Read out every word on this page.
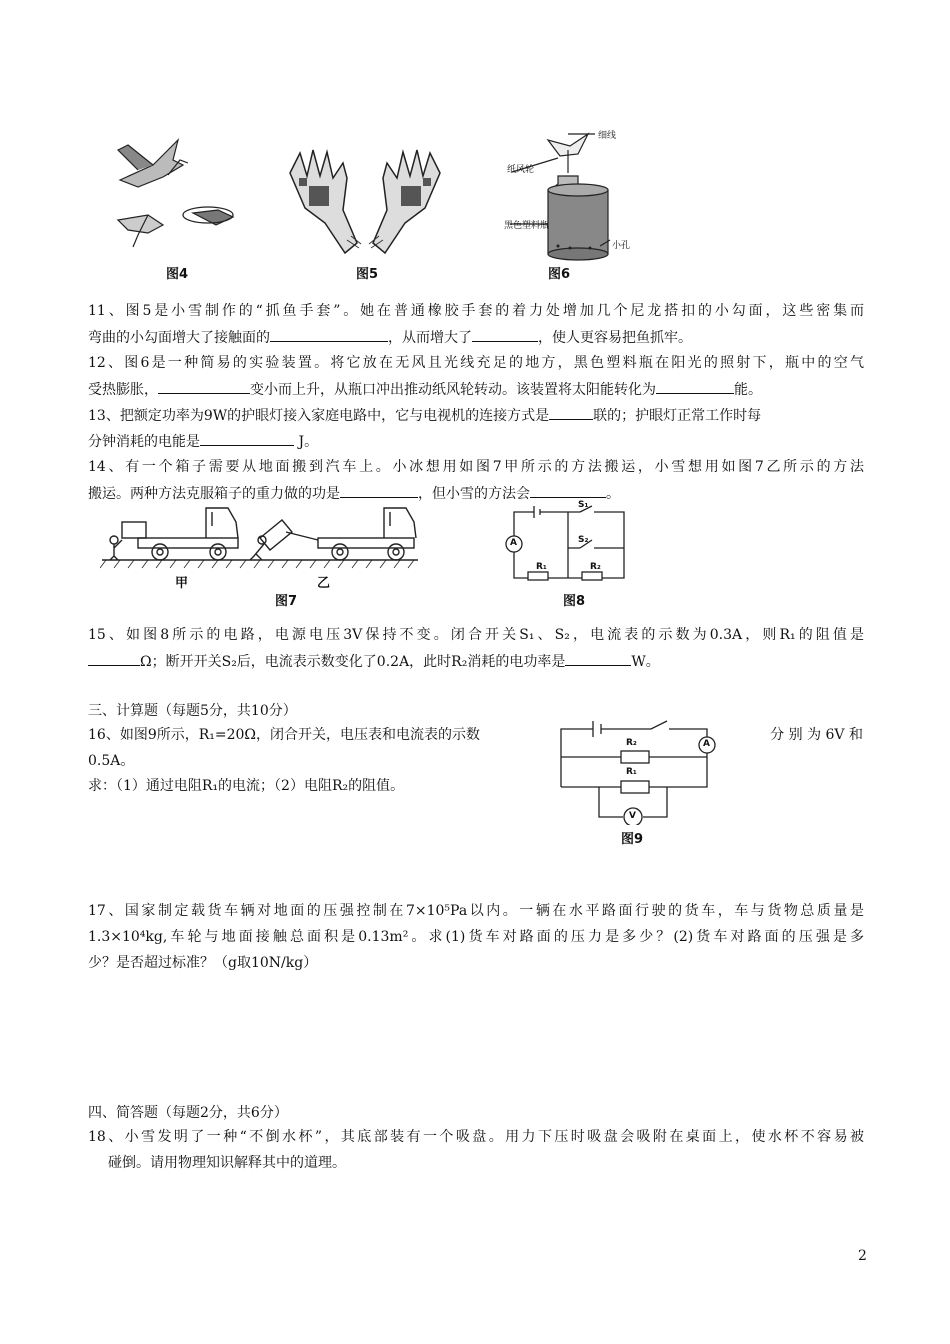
图4	图5
细线
纸风轮
黑色塑料瓶
小孔
图6
11、图5是小雪制作的“抓鱼手套”。她在普通橡胶手套的着力处增加几个尼龙搭扣的小勾面，这些密集而
弯曲的小勾面增大了接触面的	，从而增大了	，使人更容易把鱼抓牢。
12、图6是一种简易的实验装置。将它放在无风且光线充足的地方，黑色塑料瓶在阳光的照射下，瓶中的空气
受热膨胀，	变小而上升，从瓶口冲出推动纸风轮转动。该装置将太阳能转化为	能。
13、把额定功率为9W的护眼灯接入家庭电路中，它与电视机的连接方式是	联的；护眼灯正常工作时每
分钟消耗的电能是	J。
14、有一个箱子需要从地面搬到汽车上。小冰想用如图7甲所示的方法搬运，小雪想用如图7乙所示的方法
搬运。两种方法克服箱子的重力做的功是	，但小雪的方法会	。
甲	乙
图7
A
S₁
S₂
R₁	R₂
图8
15、如图8所示的电路，电源电压3V保持不变。闭合开关S₁、S₂，电流表的示数为0.3A，则R₁的阻值是
Ω；断开开关S₂后，电流表示数变化了0.2A，此时R₂消耗的电功率是	W。
三、计算题（每题5分，共10分）
16、如图9所示，R₁=20Ω，闭合开关，电压表和电流表的示数	分 别 为 6V 和
0.5A。
求：（1）通过电阻R₁的电流；（2）电阻R₂的阻值。
A
V
R₂
R₁
图9
17、国家制定载货车辆对地面的压强控制在7×10⁵Pa以内。一辆在水平路面行驶的货车，车与货物总质量是
1.3×10⁴kg,车轮与地面接触总面积是0.13m²。求(1)货车对路面的压力是多少？(2)货车对路面的压强是多
少？是否超过标准？（g取10N/kg）
四、简答题（每题2分，共6分）
18、小雪发明了一种“不倒水杯”，其底部装有一个吸盘。用力下压时吸盘会吸附在桌面上，使水杯不容易被
碰倒。请用物理知识解释其中的道理。
2
